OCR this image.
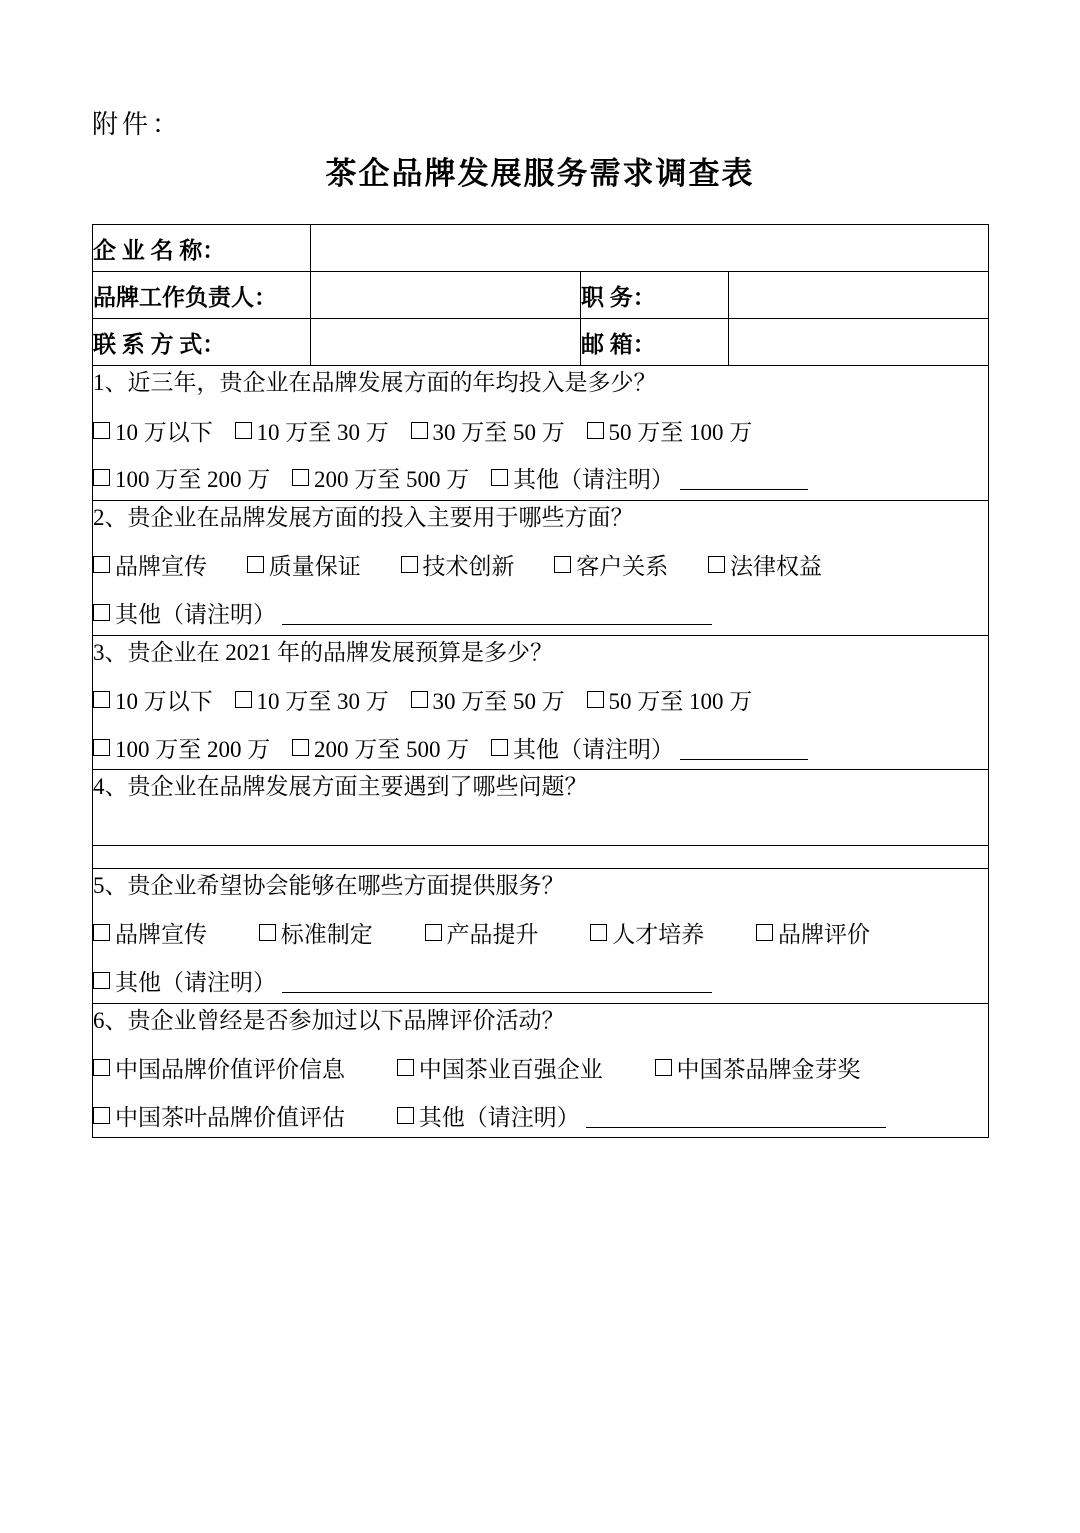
附件：
茶企品牌发展服务需求调查表
企 业 名 称：			
品牌工作负责人：		职 务：	
联 系 方 式：		邮 箱：	

1、近三年，贵企业在品牌发展方面的年均投入是多少？
10 万以下 10 万至 30 万 30 万至 50 万 50 万至 100 万
100 万至 200 万 200 万至 500 万 其他（请注明）			

2、贵企业在品牌发展方面的投入主要用于哪些方面？
品牌宣传 质量保证 技术创新 客户关系 法律权益
其他（请注明）			

3、贵企业在 2021 年的品牌发展预算是多少？
10 万以下 10 万至 30 万 30 万至 50 万 50 万至 100 万
100 万至 200 万 200 万至 500 万 其他（请注明）			

4、贵企业在品牌发展方面主要遇到了哪些问题？			

5、贵企业希望协会能够在哪些方面提供服务？
品牌宣传 标准制定 产品提升 人才培养 品牌评价
其他（请注明）			

6、贵企业曾经是否参加过以下品牌评价活动？
中国品牌价值评价信息 中国茶业百强企业 中国茶品牌金芽奖
中国茶叶品牌价值评估 其他（请注明）			
